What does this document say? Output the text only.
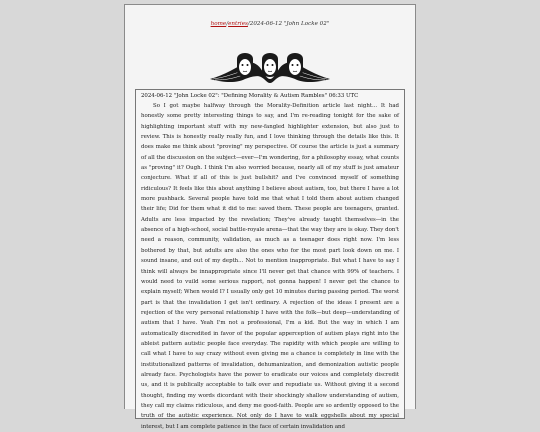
home/entries/2024-06-12 "John Locke 02"

2024-06-12 "John Locke 02": "Defining Morality & Autism Rambles" 06:33 UTC

So I got maybe halfway through the Morality-Definition article last night... It had honestly some pretty interesting things to say, and I'm re-reading tonight for the sake of highlighting important stuff with my new-fangled highlighter extension, but also just to review. This is honestly really really fun, and I love thinking through the details like this. It does make me think about "proving" my perspective. Of course the article is just a summary of all the discussion on the subject—ever—I'm wondering, for a philosophy essay, what counts as "proving" it? Ough. I think I'm also worried because, nearly all of my stuff is just amateur conjecture. What if all of this is just bullshit? and I've convinced myself of something ridiculous? It feels like this about anything I believe about autism, too, but there I have a lot more pushback. Several people have told me that what I told them about autism changed their life; Did for them what it did to me: saved them. These people are teenagers, granted. Adults are less impacted by the revelation; They've already taught themselves—in the absence of a high-school, social battle-royale arena—that the way they are is okay. They don't need a reason, community, validation, as much as a teenager does right now. I'm less bothered by that, but adults are also the ones who for the most part look down on me. I sound insane, and out of my depth... Not to mention inappropriate. But what I have to say I think will always be innappropriate since I'll never get that chance with 99% of teachers. I would need to vuild some serious rapport, not gonna happen! I never get the chance to explain myself; When would I? I usually only get 10 minutes during passing period. The worst part is that the invalidation I get isn't ordinary. A rejection of the ideas I present are a rejection of the very personal relationship I have with the folk—but deep—understanding of autism that I have. Yeah I'm not a professional, I'm a kid. But the way in which I am automatically discredited in favor of the popular apperception of autism plays right into the ableist pattern autistic people face everyday. The rapidity with which people are willing to call what I have to say crazy without even giving me a chance is completely in line with the institutionalized patterns of invalidation, dehumanization, and demonization autistic people already face. Psychologists have the power to eradicate our voices and completely discredit us, and it is publically acceptable to talk over and repudiate us. Without giving it a second thought, finding my words dicordant with their shockingly shallow understanding of autism, they call my claims ridiculous, and deny me good-faith. People are so ardently opposed to the truth of the autistic experience. Not only do I have to walk eggshells about my special interest, but I am complete patience in the face of certain invalidation and
